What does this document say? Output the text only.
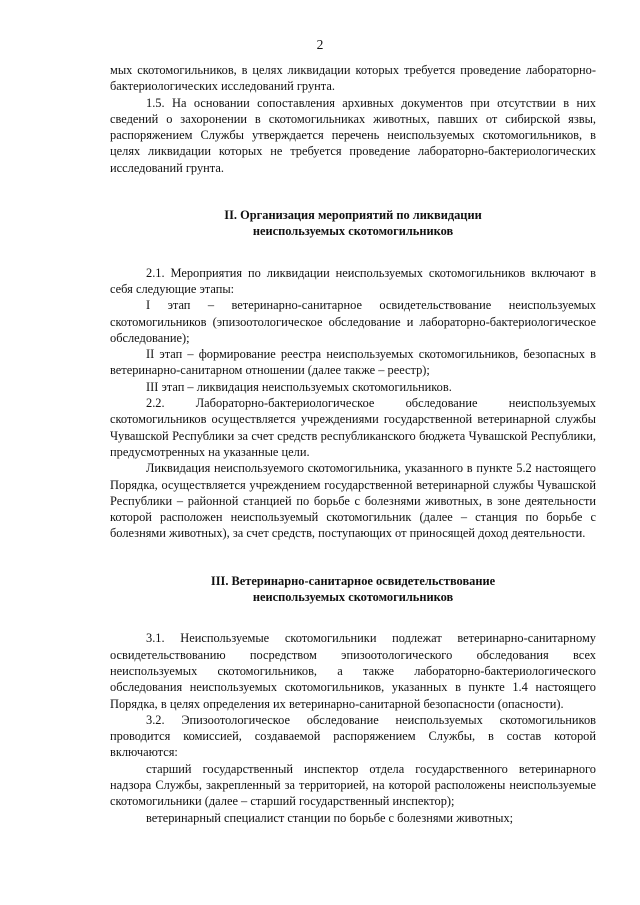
2

мых скотомогильников, в целях ликвидации которых требуется проведение лабораторно-бактериологических исследований грунта.

1.5. На основании сопоставления архивных документов при отсутствии в них сведений о захоронении в скотомогильниках животных, павших от сибирской язвы, распоряжением Службы утверждается перечень неиспользуемых скотомогильников, в целях ликвидации которых не требуется проведение лабораторно-бактериологических исследований грунта.

II. Организация мероприятий по ликвидации

неиспользуемых скотомогильников

2.1. Мероприятия по ликвидации неиспользуемых скотомогильников включают в себя следующие этапы:

I этап – ветеринарно-санитарное освидетельствование неиспользуемых скотомогильников (эпизоотологическое обследование и лабораторно-бактериологическое обследование);

II этап – формирование реестра неиспользуемых скотомогильников, безопасных в ветеринарно-санитарном отношении (далее также – реестр);

III этап – ликвидация неиспользуемых скотомогильников.

2.2. Лабораторно-бактериологическое обследование неиспользуемых скотомогильников осуществляется учреждениями государственной ветеринарной службы Чувашской Республики за счет средств республиканского бюджета Чувашской Республики, предусмотренных на указанные цели.

Ликвидация неиспользуемого скотомогильника, указанного в пункте 5.2 настоящего Порядка, осуществляется учреждением государственной ветеринарной службы Чувашской Республики – районной станцией по борьбе с болезнями животных, в зоне деятельности которой расположен неиспользуемый скотомогильник (далее – станция по борьбе с болезнями животных), за счет средств, поступающих от приносящей доход деятельности.

III. Ветеринарно-санитарное освидетельствование

неиспользуемых скотомогильников

3.1. Неиспользуемые скотомогильники подлежат ветеринарно-санитарному освидетельствованию посредством эпизоотологического обследования всех неиспользуемых скотомогильников, а также лабораторно-бактериологического обследования неиспользуемых скотомогильников, указанных в пункте 1.4 настоящего Порядка, в целях определения их ветеринарно-санитарной безопасности (опасности).

3.2. Эпизоотологическое обследование неиспользуемых скотомогильников проводится комиссией, создаваемой распоряжением Службы, в состав которой включаются:

старший государственный инспектор отдела государственного ветеринарного надзора Службы, закрепленный за территорией, на которой расположены неиспользуемые скотомогильники (далее – старший государственный инспектор);

ветеринарный специалист станции по борьбе с болезнями животных;
